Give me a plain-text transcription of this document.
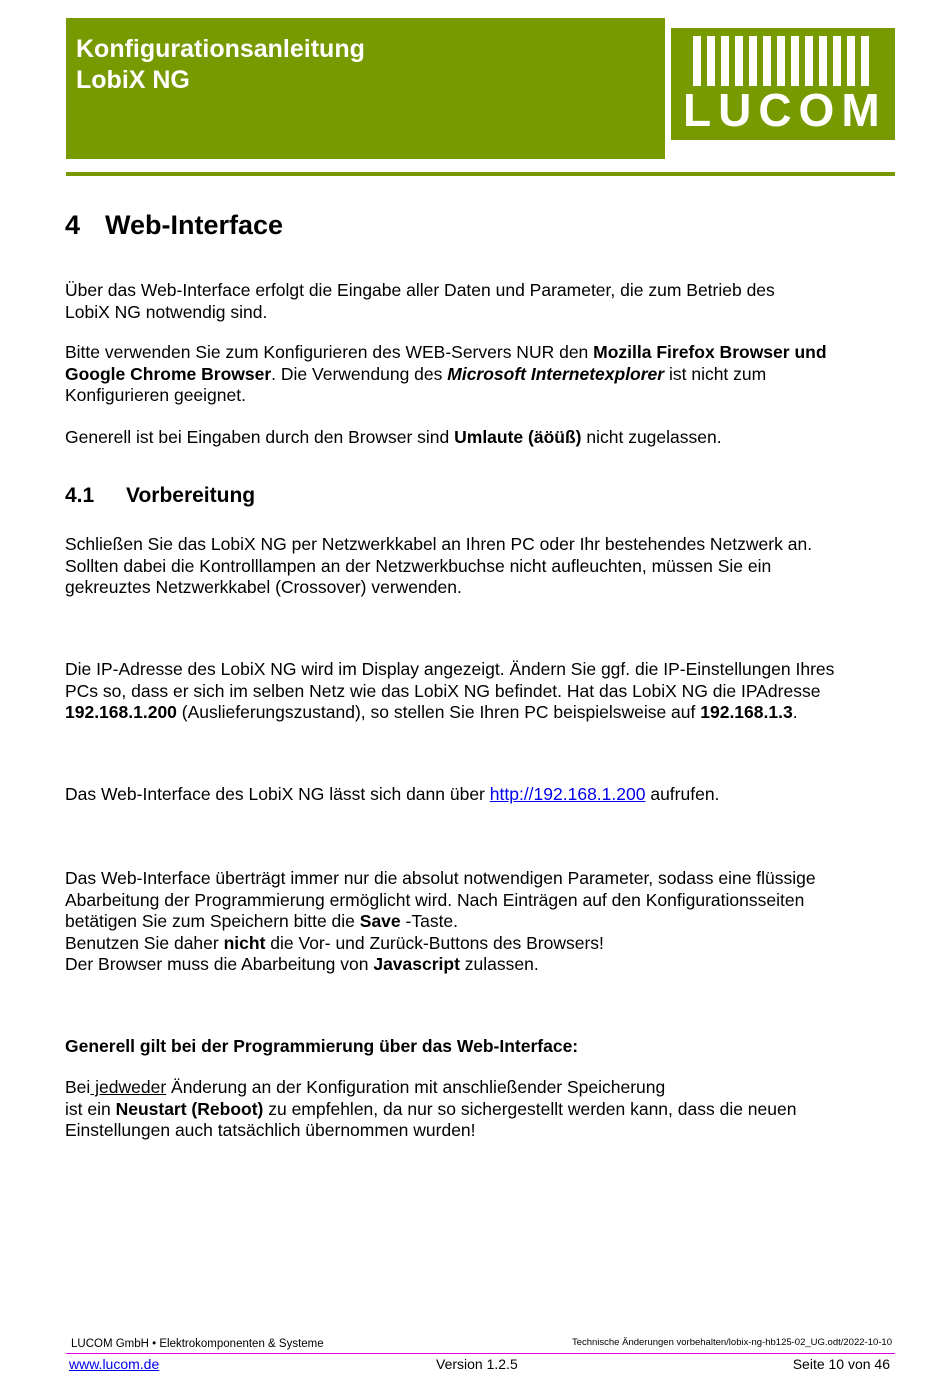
Konfigurationsanleitung
LobiX NG
LUCOM
4 Web-Interface
Über das Web-Interface erfolgt die Eingabe aller Daten und Parameter, die zum Betrieb des
LobiX NG notwendig sind.
Bitte verwenden Sie zum Konfigurieren des WEB-Servers NUR den Mozilla Firefox Browser und
Google Chrome Browser. Die Verwendung des Microsoft Internetexplorer ist nicht zum
Konfigurieren geeignet.
Generell ist bei Eingaben durch den Browser sind Umlaute (äöüß) nicht zugelassen.
4.1 Vorbereitung
Schließen Sie das LobiX NG per Netzwerkkabel an Ihren PC oder Ihr bestehendes Netzwerk an.
Sollten dabei die Kontrolllampen an der Netzwerkbuchse nicht aufleuchten, müssen Sie ein
gekreuztes Netzwerkkabel (Crossover) verwenden.
Die IP-Adresse des LobiX NG wird im Display angezeigt. Ändern Sie ggf. die IP-Einstellungen Ihres
PCs so, dass er sich im selben Netz wie das LobiX NG befindet. Hat das LobiX NG die IPAdresse
192.168.1.200 (Auslieferungszustand), so stellen Sie Ihren PC beispielsweise auf 192.168.1.3.
Das Web-Interface des LobiX NG lässt sich dann über http://192.168.1.200 aufrufen.
Das Web-Interface überträgt immer nur die absolut notwendigen Parameter, sodass eine flüssige
Abarbeitung der Programmierung ermöglicht wird. Nach Einträgen auf den Konfigurationsseiten
betätigen Sie zum Speichern bitte die Save -Taste.
Benutzen Sie daher nicht die Vor- und Zurück-Buttons des Browsers!
Der Browser muss die Abarbeitung von Javascript zulassen.
Generell gilt bei der Programmierung über das Web-Interface:
Bei jedweder Änderung an der Konfiguration mit anschließender Speicherung
ist ein Neustart (Reboot) zu empfehlen, da nur so sichergestellt werden kann, dass die neuen
Einstellungen auch tatsächlich übernommen wurden!
LUCOM GmbH • Elektrokomponenten & Systeme	Technische Änderungen vorbehalten/lobix-ng-hb125-02_UG.odt/2022-10-10
www.lucom.de	Version 1.2.5	Seite 10 von 46
